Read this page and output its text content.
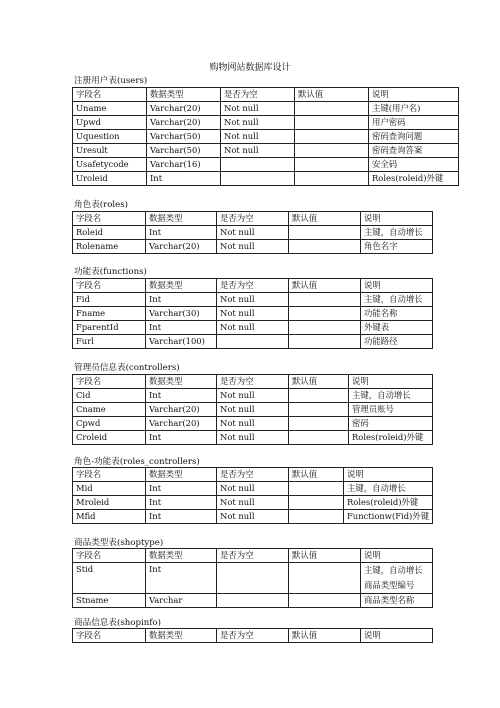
购物网站数据库设计
注册用户表(users)
字段名	数据类型	是否为空	默认值	说明
Uname	Varchar(20)	Not null		主键(用户名)
Upwd	Varchar(20)	Not null		用户密码
Uquestion	Varchar(50)	Not null		密码查询问题
Uresult	Varchar(50)	Not null		密码查询答案
Usafetycode	Varchar(16)			安全码
Uroleid	Int			Roles(roleid)外键
角色表(roles)
字段名	数据类型	是否为空	默认值	说明
Roleid	Int	Not null		主键，自动增长
Rolename	Varchar(20)	Not null		角色名字
功能表(functions)
字段名	数据类型	是否为空	默认值	说明
Fid	Int	Not null		主键，自动增长
Fname	Varchar(30)	Not null		功能名称
FparentId	Int	Not null		外键表
Furl	Varchar(100)			功能路径
管理员信息表(controllers)
字段名	数据类型	是否为空	默认值	说明
Cid	Int	Not null		主键，自动增长
Cname	Varchar(20)	Not null		管理员账号
Cpwd	Varchar(20)	Not null		密码
Croleid	Int	Not null		Roles(roleid)外键
角色-功能表(roles_controllers)
字段名	数据类型	是否为空	默认值	说明
Mid	Int	Not null		主键，自动增长
Mroleid	Int	Not null		Roles(roleid)外键
Mfid	Int	Not null		Functionw(Fid)外键
商品类型表(shoptype)
字段名	数据类型	是否为空	默认值	说明
Stid	Int			主键，自动增长
商品类型编号

Stname	Varchar			商品类型名称
商品信息表(shopinfo)
字段名	数据类型	是否为空	默认值	说明
